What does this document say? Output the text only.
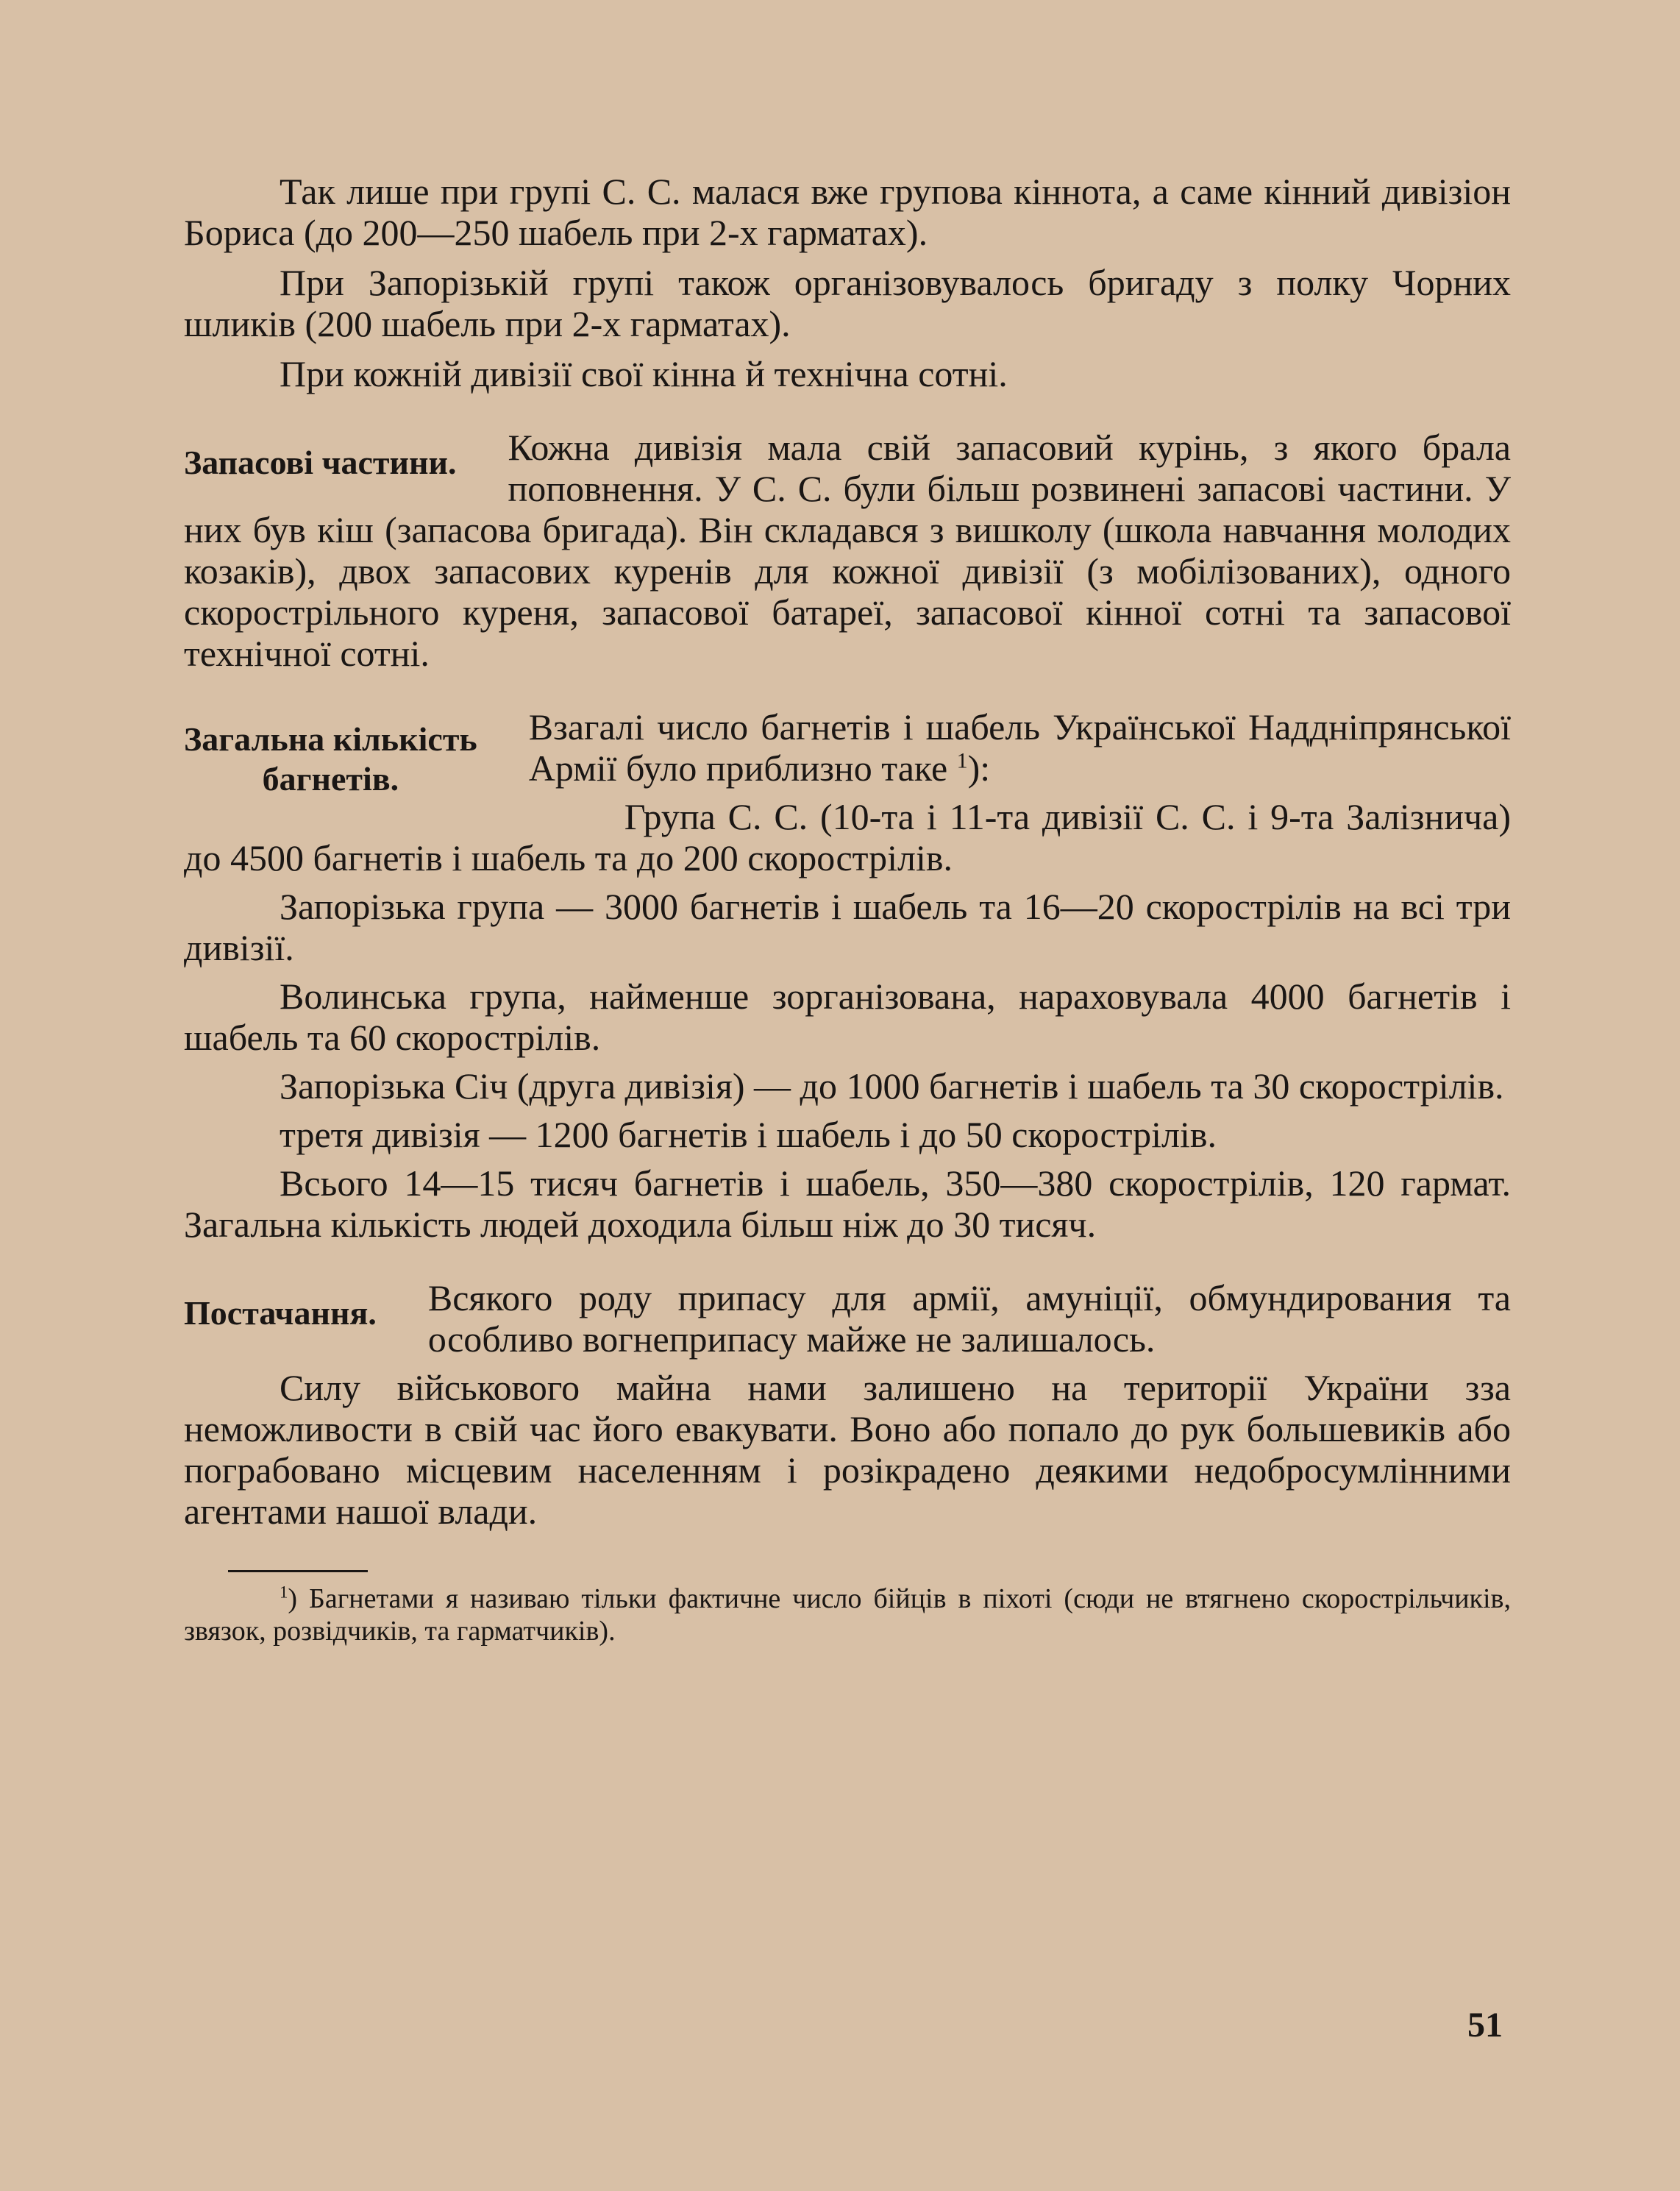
Так лише при групі С. С. малася вже групова кіннота, а саме кінний дивізіон Бориса (до 200—250 шабель при 2-х гарматах).

При Запорізькій групі також організовувалось бригаду з полку Чорних шликів (200 шабель при 2-х гарматах).

При кожній дивізії свої кінна й технічна сотні.

Запасові частини.	Кожна дивізія мала свій запасовий курінь, з якого брала поповнення. У С. С. були більш розвинені запасові частини. У них був кіш (запасова бригада). Він складався з вишколу (школа навчання молодих козаків), двох запасових куренів для кожної дивізії (з мобілізованих), одного скорострільного куреня, запасової батареї, запасової кінної сотні та запасової технічної сотні.

Загальна кількість
багнетів.

Взагалі число багнетів і шабель Української Наддніпрянської Армії було приблизно таке $^1$):

Група С. С. (10-та і 11-та дивізії С. С. і 9-та Залізнича) до 4500 багнетів і шабель та до 200 скорострілів.

Запорізька група — 3000 багнетів і шабель та 16—20 скорострілів на всі три дивізії.

Волинська група, найменше зорганізована, нараховувала 4000 багнетів і шабель та 60 скорострілів.

Запорізька Січ (друга дивізія) — до 1000 багнетів і шабель та 30 скорострілів.

третя дивізія — 1200 багнетів і шабель і до 50 скорострілів.

Всього 14—15 тисяч багнетів і шабель, 350—380 скорострілів, 120 гармат. Загальна кількість людей доходила більш ніж до 30 тисяч.

Постачання.	Всякого роду припасу для армії, амуніції, обмундирования та особливо вогнеприпасу майже не залишалось.

Силу військового майна нами залишено на території України зза неможливости в свій час його евакувати. Воно або попало до рук большевиків або пограбовано місцевим населенням і розікрадено деякими недобросумлінними агентами нашої влади.

$^1$) Багнетами я називаю тільки фактичне число бійців в піхоті (сюди не втягнено скорострільчиків, звязок, розвідчиків, та гарматчиків).

51
